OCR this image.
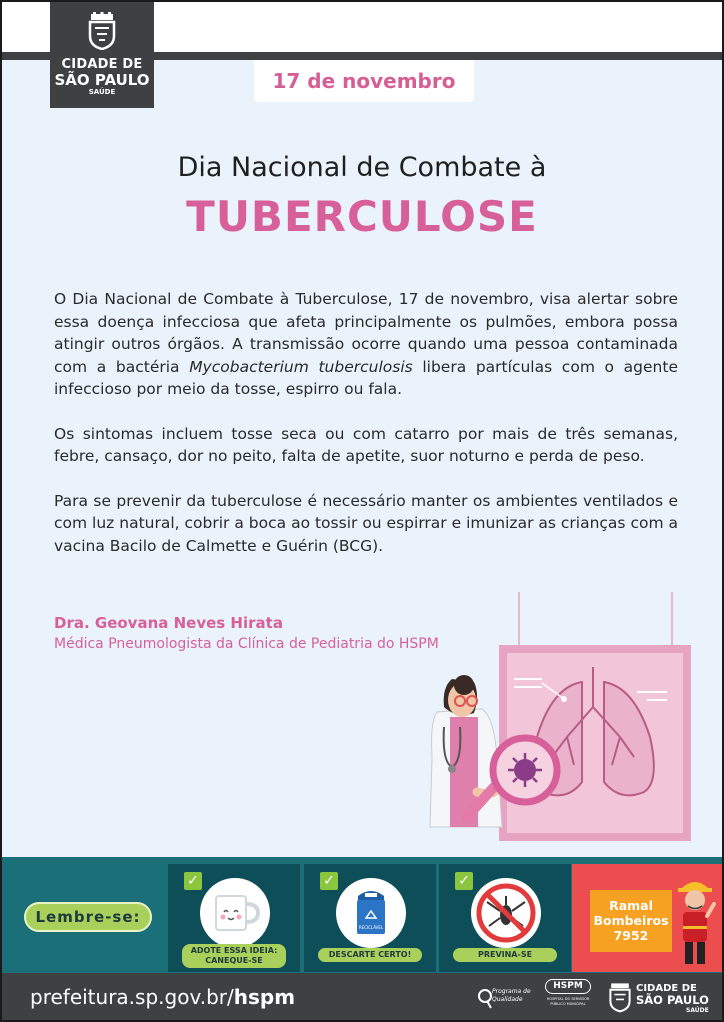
CIDADE DE
SÃO PAULO
SAÚDE	17 de novembro
Dia Nacional de Combate à
TUBERCULOSE

O Dia Nacional de Combate à Tuberculose, 17 de novembro, visa alertar sobre essa doença infecciosa que afeta principalmente os pulmões, embora possa atingir outros órgãos. A transmissão ocorre quando uma pessoa contaminada com a bactéria Mycobacterium tuberculosis libera partículas com o agente infeccioso por meio da tosse, espirro ou fala.

Os sintomas incluem tosse seca ou com catarro por mais de três semanas, febre, cansaço, dor no peito, falta de apetite, suor noturno e perda de peso.

Para se prevenir da tuberculose é necessário manter os ambientes ventilados e com luz natural, cobrir a boca ao tossir ou espirrar e imunizar as crianças com a vacina Bacilo de Calmette e Guérin (BCG).

Dra. Geovana Neves Hirata
Médica Pneumologista da Clínica de Pediatria do HSPM
Lembre-se:
✓
ADOTE ESSA IDEIA: CANEQUE-SE
✓
RECICLÁVEL
DESCARTE CERTO!
✓
PREVINA-SE
Ramal
Bombeiros
7952
prefeitura.sp.gov.br/hspm	Programa de
Qualidade
HSPM
HOSPITAL DO SERVIDOR
PÚBLICO MUNICIPAL
CIDADE DE
SÃO PAULO
SAÚDE
